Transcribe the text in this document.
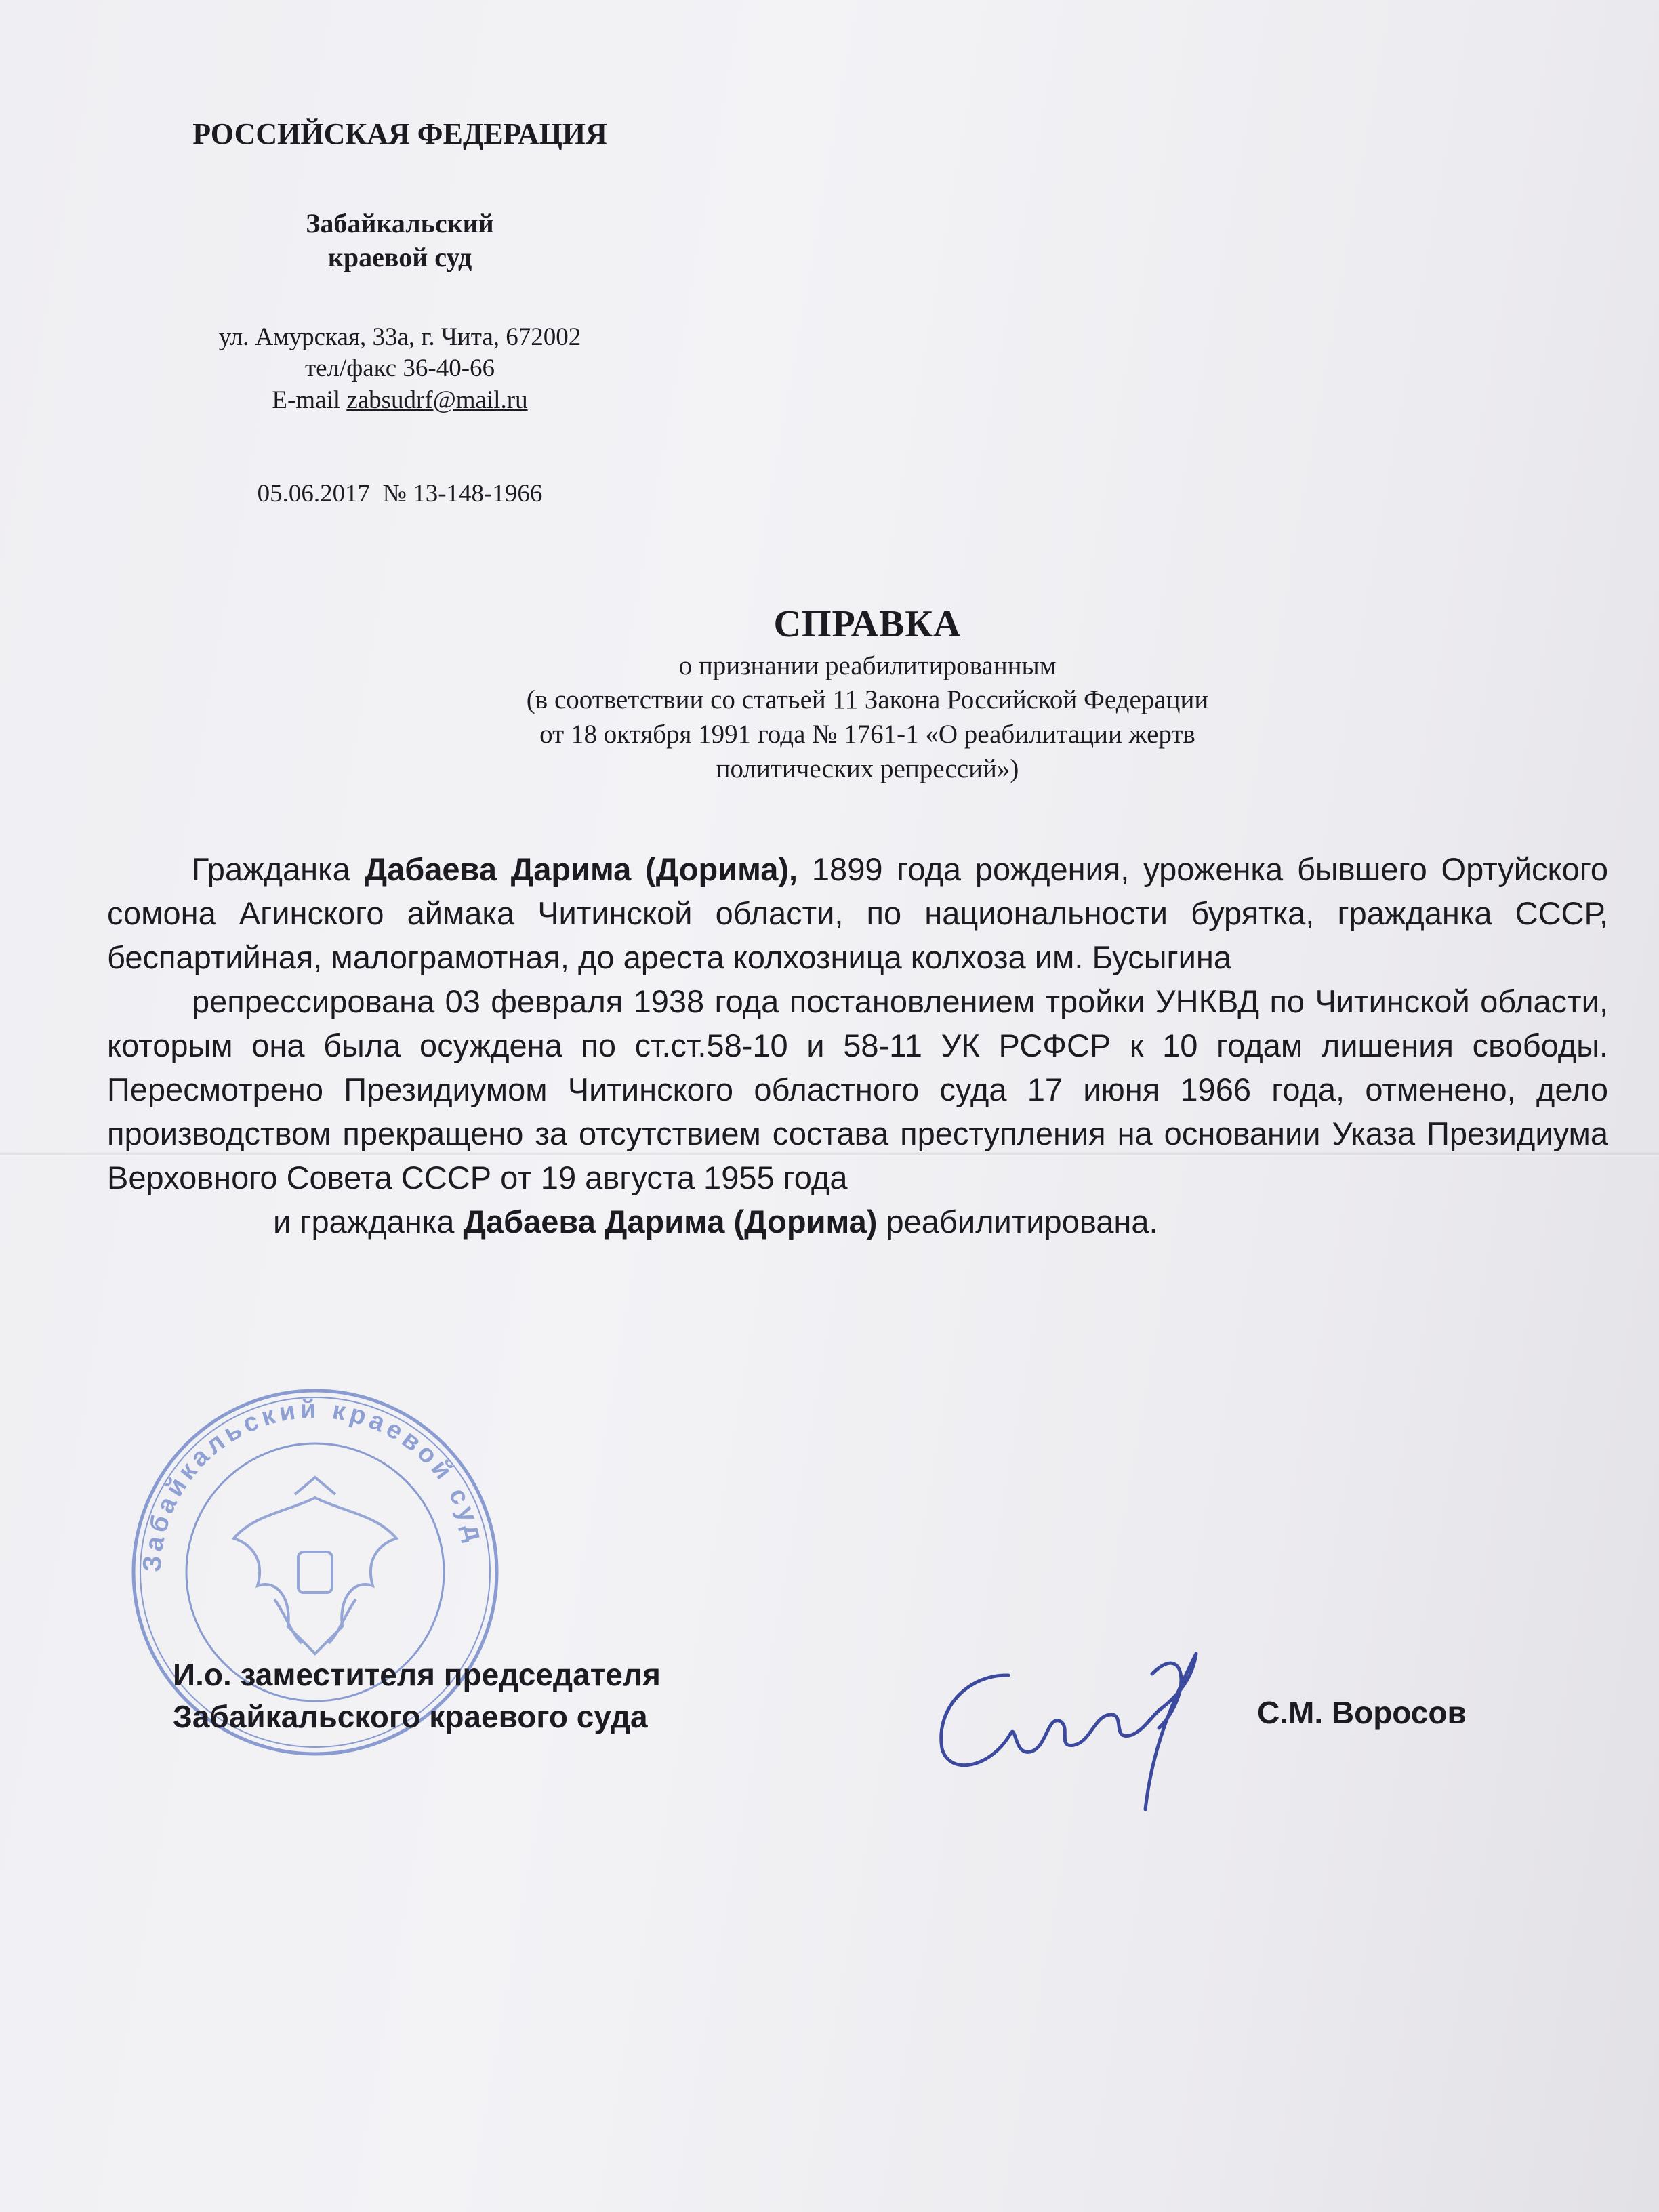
РОССИЙСКАЯ ФЕДЕРАЦИЯ
Забайкальский
краевой суд
ул. Амурская, 33а, г. Чита, 672002
тел/факс 36-40-66
E-mail zabsudrf@mail.ru
05.06.2017 № 13-148-1966
СПРАВКА
о признании реабилитированным
(в соответствии со статьей 11 Закона Российской Федерации
от 18 октября 1991 года № 1761-1 «О реабилитации жертв
политических репрессий»)

Гражданка Дабаева Дарима (Дорима), 1899 года рождения, уроженка бывшего Ортуйского сомона Агинского аймака Читинской области, по национальности бурятка, гражданка СССР, беспартийная, малограмотная, до ареста колхозница колхоза им. Бусыгина

репрессирована 03 февраля 1938 года постановлением тройки УНКВД по Читинской области, которым она была осуждена по ст.ст.58-10 и 58-11 УК РСФСР к 10 годам лишения свободы. Пересмотрено Президиумом Читинского областного суда 17 июня 1966 года, отменено, дело производством прекращено за отсутствием состава преступления на основании Указа Президиума Верховного Совета СССР от 19 августа 1955 года

и гражданка Дабаева Дарима (Дорима) реабилитирована.

Забайкальский краевой суд
И.о. заместителя председателя
Забайкальского краевого суда	С.М. Воросов
